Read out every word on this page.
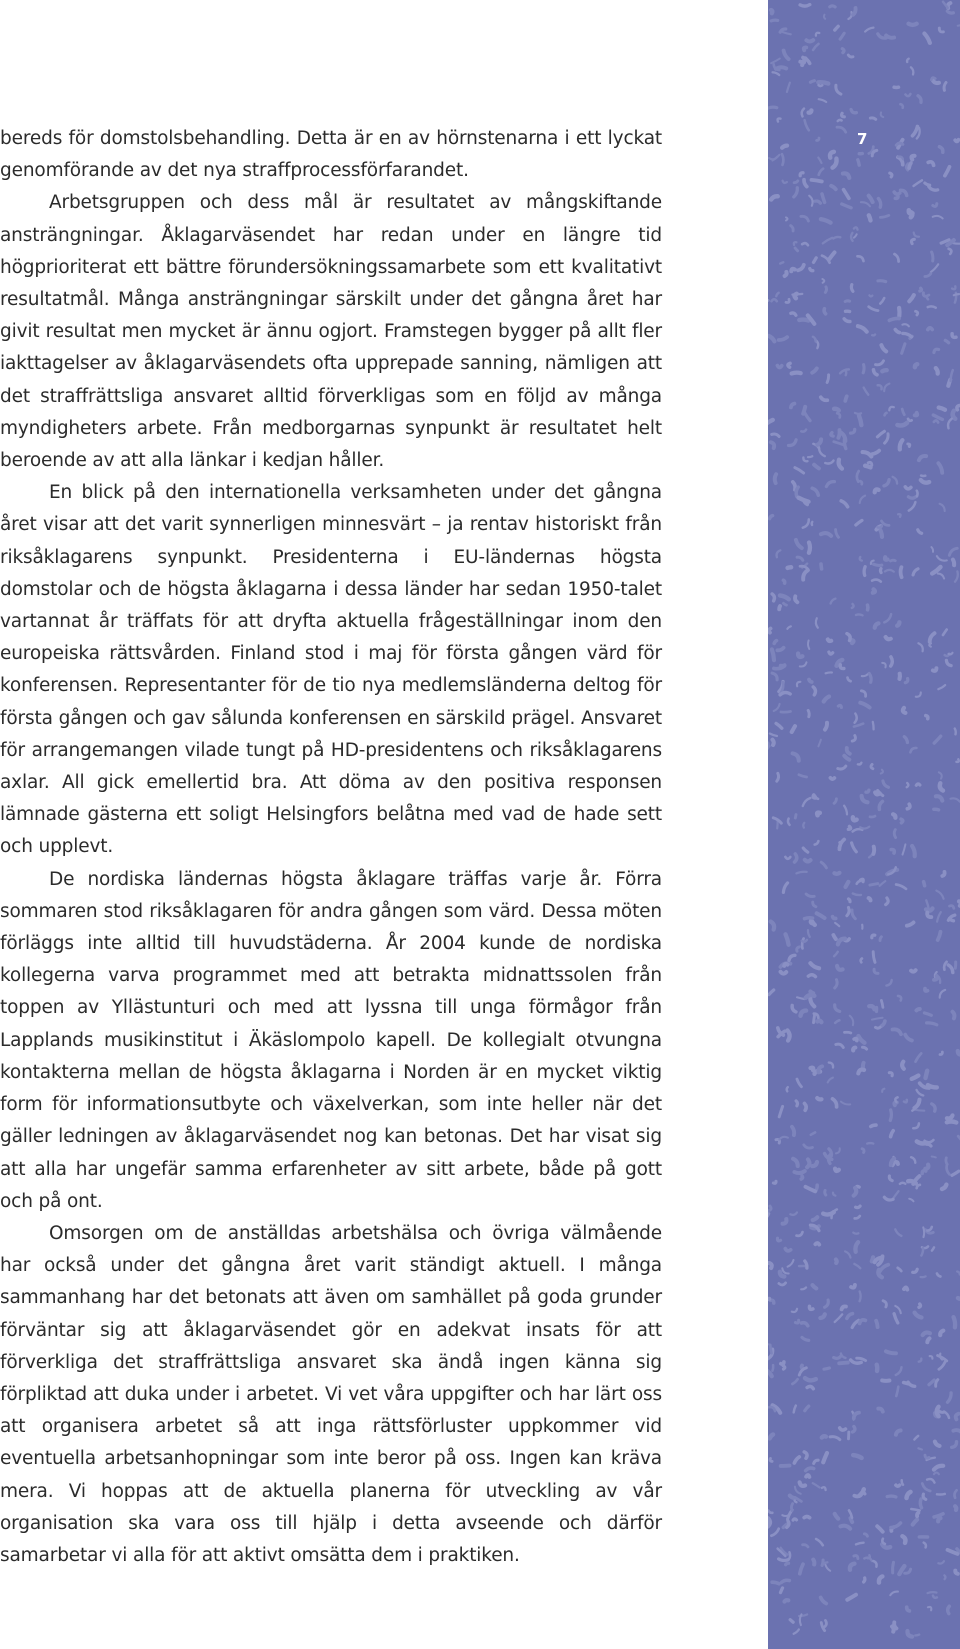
bereds för domstolsbehandling. Detta är en av hörnstenarna i ett lyckat genomförande av det nya straffprocessförfarandet.

Arbetsgruppen och dess mål är resultatet av mångskiftande ansträngningar. Åklagarväsendet har redan under en längre tid högprioriterat ett bättre förundersökningssamarbete som ett kvalitativt resultatmål. Många ansträngningar särskilt under det gångna året har givit resultat men mycket är ännu ogjort. Framstegen bygger på allt fler iakttagelser av åklagarväsendets ofta upprepade sanning, nämligen att det straffrättsliga ansvaret alltid förverkligas som en följd av många myndigheters arbete. Från medborgarnas synpunkt är resultatet helt beroende av att alla länkar i kedjan håller.

En blick på den internationella verksamheten under det gångna året visar att det varit synnerligen minnesvärt – ja rentav historiskt från riksåklagarens synpunkt. Presidenterna i EU-ländernas högsta domstolar och de högsta åklagarna i dessa länder har sedan 1950-talet vartannat år träffats för att dryfta aktuella frågeställningar inom den europeiska rättsvården. Finland stod i maj för första gången värd för konferensen. Representanter för de tio nya medlemsländerna deltog för första gången och gav sålunda konferensen en särskild prägel. Ansvaret för arrangemangen vilade tungt på HD-presidentens och riksåklagarens axlar. All gick emellertid bra. Att döma av den positiva responsen lämnade gästerna ett soligt Helsingfors belåtna med vad de hade sett och upplevt.

De nordiska ländernas högsta åklagare träffas varje år. Förra sommaren stod riksåklagaren för andra gången som värd. Dessa möten förläggs inte alltid till huvudstäderna. År 2004 kunde de nordiska kollegerna varva programmet med att betrakta midnattssolen från toppen av Yllästunturi och med att lyssna till unga förmågor från Lapplands musikinstitut i Äkäslompolo kapell. De kollegialt otvungna kontakterna mellan de högsta åklagarna i Norden är en mycket viktig form för informationsutbyte och växelverkan, som inte heller när det gäller ledningen av åklagarväsendet nog kan betonas. Det har visat sig att alla har ungefär samma erfarenheter av sitt arbete, både på gott och på ont.

Omsorgen om de anställdas arbetshälsa och övriga välmående har också under det gångna året varit ständigt aktuell. I många sammanhang har det betonats att även om samhället på goda grunder förväntar sig att åklagarväsendet gör en adekvat insats för att förverkliga det straffrättsliga ansvaret ska ändå ingen känna sig förpliktad att duka under i arbetet. Vi vet våra uppgifter och har lärt oss att organisera arbetet så att inga rättsförluster uppkommer vid eventuella arbetsanhopningar som inte beror på oss. Ingen kan kräva mera. Vi hoppas att de aktuella planerna för utveckling av vår organisation ska vara oss till hjälp i detta avseende och därför samarbetar vi alla för att aktivt omsätta dem i praktiken.

7
